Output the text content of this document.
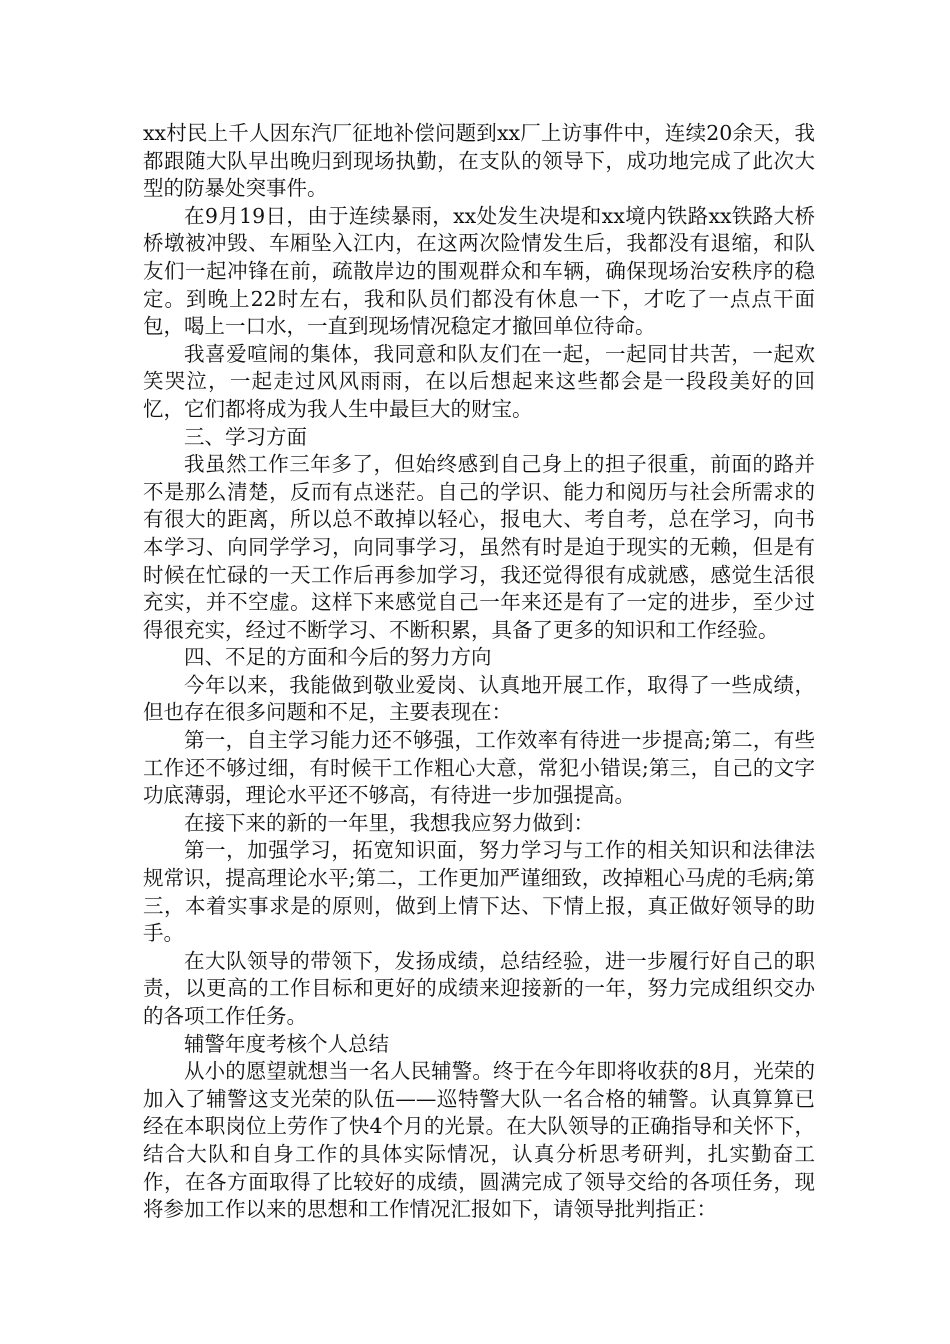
xx村民上千人因东汽厂征地补偿问题到xx厂上访事件中，连续20余天，我都跟随大队早出晚归到现场执勤，在支队的领导下，成功地完成了此次大型的防暴处突事件。

在9月19日，由于连续暴雨，xx处发生决堤和xx境内铁路xx铁路大桥桥墩被冲毁、车厢坠入江内，在这两次险情发生后，我都没有退缩，和队友们一起冲锋在前，疏散岸边的围观群众和车辆，确保现场治安秩序的稳定。到晚上22时左右，我和队员们都没有休息一下，才吃了一点点干面包，喝上一口水，一直到现场情况稳定才撤回单位待命。

我喜爱喧闹的集体，我同意和队友们在一起，一起同甘共苦，一起欢笑哭泣，一起走过风风雨雨，在以后想起来这些都会是一段段美好的回忆，它们都将成为我人生中最巨大的财宝。

三、学习方面

我虽然工作三年多了，但始终感到自己身上的担子很重，前面的路并不是那么清楚，反而有点迷茫。自己的学识、能力和阅历与社会所需求的有很大的距离，所以总不敢掉以轻心，报电大、考自考，总在学习，向书本学习、向同学学习，向同事学习，虽然有时是迫于现实的无赖，但是有时候在忙碌的一天工作后再参加学习，我还觉得很有成就感，感觉生活很充实，并不空虚。这样下来感觉自己一年来还是有了一定的进步，至少过得很充实，经过不断学习、不断积累，具备了更多的知识和工作经验。

四、不足的方面和今后的努力方向

今年以来，我能做到敬业爱岗、认真地开展工作，取得了一些成绩，但也存在很多问题和不足，主要表现在：

第一，自主学习能力还不够强，工作效率有待进一步提高;第二，有些工作还不够过细，有时候干工作粗心大意，常犯小错误;第三，自己的文字功底薄弱，理论水平还不够高，有待进一步加强提高。

在接下来的新的一年里，我想我应努力做到：

第一，加强学习，拓宽知识面，努力学习与工作的相关知识和法律法规常识，提高理论水平;第二，工作更加严谨细致，改掉粗心马虎的毛病;第三，本着实事求是的原则，做到上情下达、下情上报，真正做好领导的助手。

在大队领导的带领下，发扬成绩，总结经验，进一步履行好自己的职责，以更高的工作目标和更好的成绩来迎接新的一年，努力完成组织交办的各项工作任务。

辅警年度考核个人总结

从小的愿望就想当一名人民辅警。终于在今年即将收获的8月，光荣的加入了辅警这支光荣的队伍——巡特警大队一名合格的辅警。认真算算已经在本职岗位上劳作了快4个月的光景。在大队领导的正确指导和关怀下，结合大队和自身工作的具体实际情况，认真分析思考研判，扎实勤奋工作，在各方面取得了比较好的成绩，圆满完成了领导交给的各项任务，现将参加工作以来的思想和工作情况汇报如下，请领导批判指正：
